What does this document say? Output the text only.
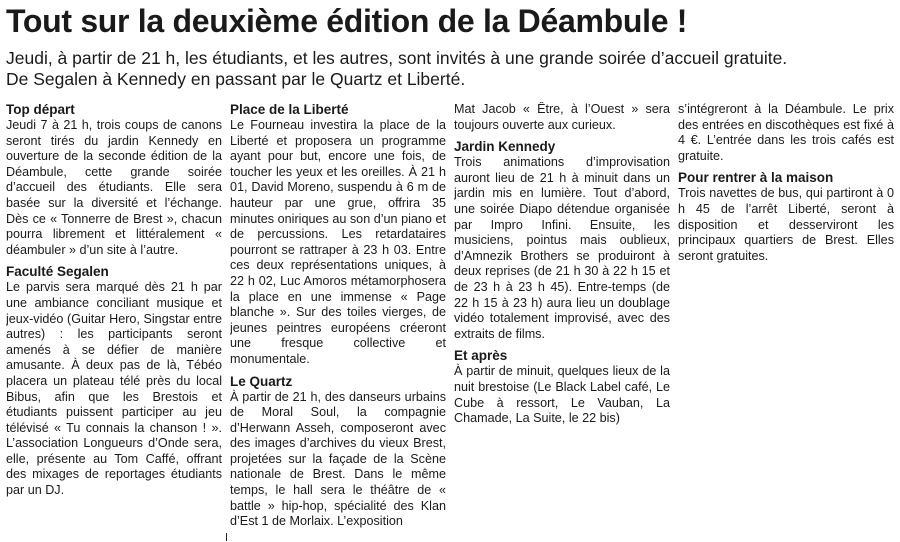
Tout sur la deuxième édition de la Déambule !
Jeudi, à partir de 21 h, les étudiants, et les autres, sont invités à une grande soirée d’accueil gratuite.
De Segalen à Kennedy en passant par le Quartz et Liberté.
Top départ

Jeudi 7 à 21 h, trois coups de canons seront tirés du jardin Kennedy en ouverture de la seconde édition de la Déambule, cette grande soirée d’accueil des étudiants. Elle sera basée sur la diversité et l’échange. Dès ce « Tonnerre de Brest », chacun pourra librement et littéralement « déambuler » d’un site à l’autre.

Faculté Segalen

Le parvis sera marqué dès 21 h par une ambiance conciliant musique et jeux-vidéo (Guitar Hero, Singstar entre autres) : les participants seront amenés à se défier de manière amusante. À deux pas de là, Tébéo placera un plateau télé près du local Bibus, afin que les Brestois et étudiants puissent participer au jeu télévisé « Tu connais la chanson ! ». L’association Longueurs d’Onde sera, elle, présente au Tom Caffé, offrant des mixages de reportages étudiants par un DJ.

Place de la Liberté

Le Fourneau investira la place de la Liberté et proposera un programme ayant pour but, encore une fois, de toucher les yeux et les oreilles. À 21 h 01, David Moreno, suspendu à 6 m de hauteur par une grue, offrira 35 minutes oniriques au son d’un piano et de percussions. Les retardataires pourront se rattraper à 23 h 03. Entre ces deux représentations uniques, à 22 h 02, Luc Amoros métamorphosera la place en une immense « Page blanche ». Sur des toiles vierges, de jeunes peintres européens créeront une fresque collective et monumentale.

Le Quartz

À partir de 21 h, des danseurs urbains de Moral Soul, la compagnie d’Herwann Asseh, composeront avec des images d’archives du vieux Brest, projetées sur la façade de la Scène nationale de Brest. Dans le même temps, le hall sera le théâtre de « battle » hip-hop, spécialité des Klan d’Est 1 de Morlaix. L’exposition

Mat Jacob « Être, à l’Ouest » sera toujours ouverte aux curieux.

Jardin Kennedy

Trois animations d’improvisation auront lieu de 21 h à minuit dans un jardin mis en lumière. Tout d’abord, une soirée Diapo détendue organisée par Impro Infini. Ensuite, les musiciens, pointus mais oublieux, d’Amnezik Brothers se produiront à deux reprises (de 21 h 30 à 22 h 15 et de 23 h à 23 h 45). Entre-temps (de 22 h 15 à 23 h) aura lieu un doublage vidéo totalement improvisé, avec des extraits de films.

Et après

À partir de minuit, quelques lieux de la nuit brestoise (Le Black Label café, Le Cube à ressort, Le Vauban, La Chamade, La Suite, le 22 bis)

s’intégreront à la Déambule. Le prix des entrées en discothèques est fixé à 4 €. L’entrée dans les trois cafés est gratuite.

Pour rentrer à la maison

Trois navettes de bus, qui partiront à 0 h 45 de l’arrêt Liberté, seront à disposition et desserviront les principaux quartiers de Brest. Elles seront gratuites.
